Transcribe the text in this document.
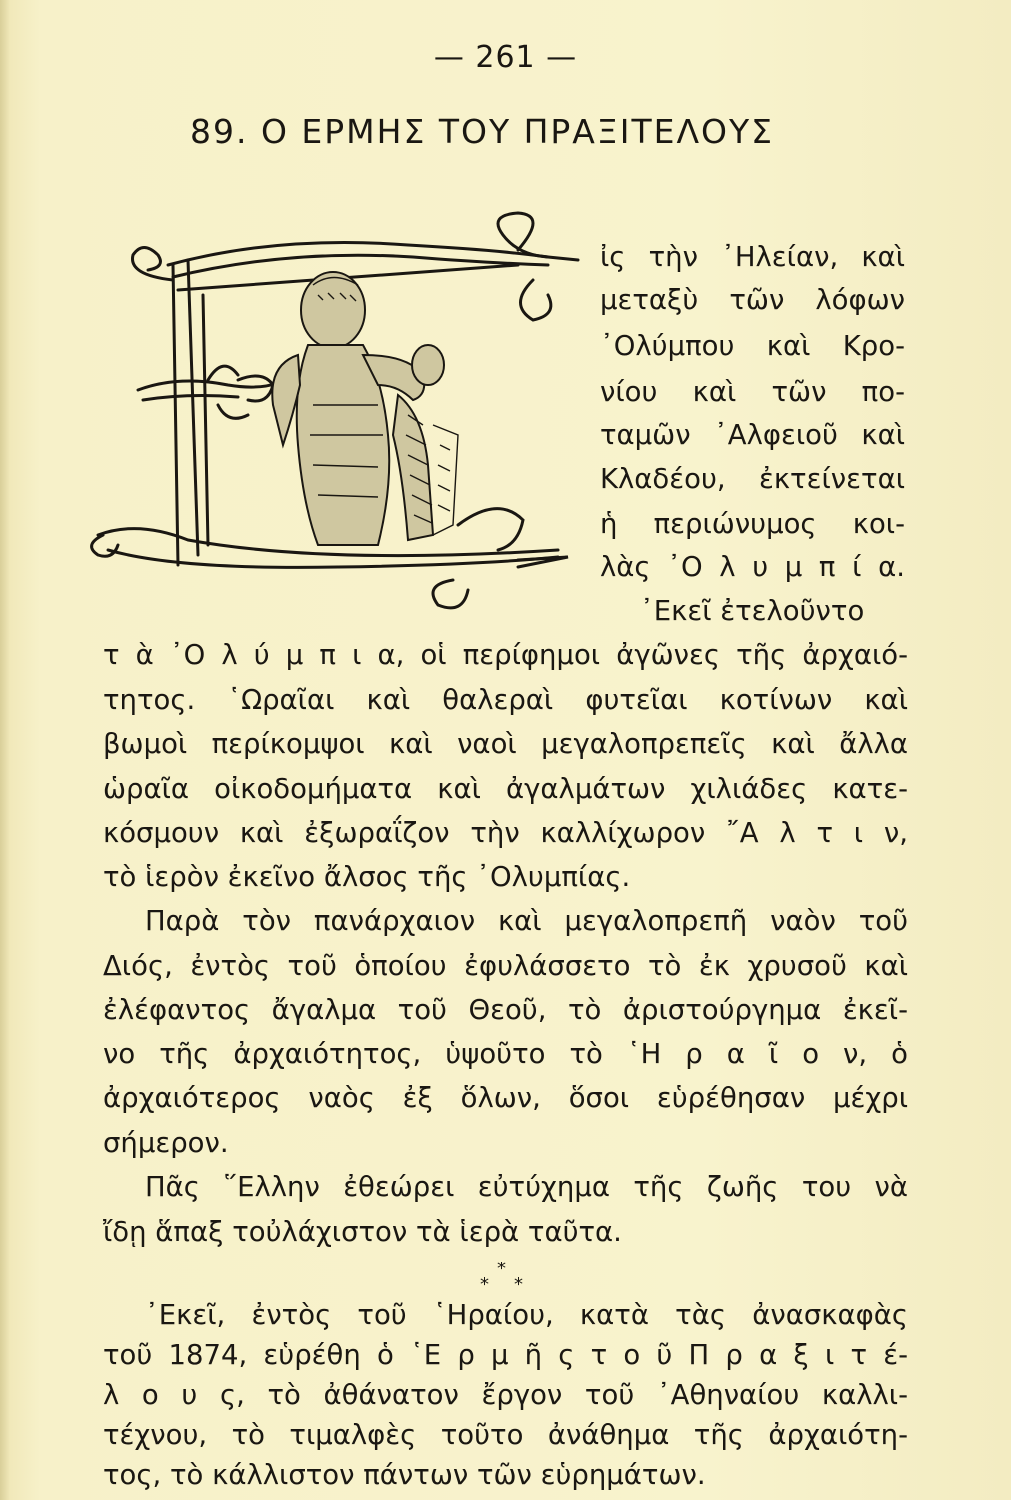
— 261 —
89. Ο ΕΡΜΗΣ ΤΟΥ ΠΡΑΞΙΤΕΛΟΥΣ
ἰς τὴν ᾿Ηλείαν, καὶ
μεταξὺ τῶν λόφων
᾿Ολύμπου καὶ Κρο-
νίου καὶ τῶν πο-
ταμῶν ᾿Αλφειοῦ καὶ
Κλαδέου, ἐκτείνεται
ἡ περιώνυμος κοι-
λὰς ᾿Ο λ υ μ π ί α.
᾿Εκεῖ ἐτελοῦντο
τ ὰ ᾿Ο λ ύ μ π ι α, οἱ περίφημοι ἀγῶνες τῆς ἀρχαιό-
τητος. ῾Ωραῖαι καὶ θαλεραὶ φυτεῖαι κοτίνων καὶ
βωμοὶ περίκομψοι καὶ ναοὶ μεγαλοπρεπεῖς καὶ ἄλλα
ὡραῖα οἰκοδομήματα καὶ ἀγαλμάτων χιλιάδες κατε-
κόσμουν καὶ ἐξωραΐζον τὴν καλλίχωρον ῎Α λ τ ι ν,
τὸ ἱερὸν ἐκεῖνο ἄλσος τῆς ᾿Ολυμπίας.
Παρὰ τὸν πανάρχαιον καὶ μεγαλοπρεπῆ ναὸν τοῦ
Διός, ἐντὸς τοῦ ὁποίου ἐφυλάσσετο τὸ ἐκ χρυσοῦ καὶ
ἐλέφαντος ἄγαλμα τοῦ Θεοῦ, τὸ ἀριστούργημα ἐκεῖ-
νο τῆς ἀρχαιότητος, ὑψοῦτο τὸ ῾Η ρ α ῖ ο ν, ὁ
ἀρχαιότερος ναὸς ἐξ ὅλων, ὅσοι εὑρέθησαν μέχρι
σήμερον.
Πᾶς ῞Ελλην ἐθεώρει εὐτύχημα τῆς ζωῆς του νὰ
ἴδῃ ἅπαξ τοὐλάχιστον τὰ ἱερὰ ταῦτα.
*
* *
᾿Εκεῖ, ἐντὸς τοῦ ῾Ηραίου, κατὰ τὰς ἀνασκαφὰς
τοῦ 1874, εὑρέθη ὁ ῾Ε ρ μ ῆ ς τ ο ῦ Π ρ α ξ ι τ έ-
λ ο υ ς, τὸ ἀθάνατον ἔργον τοῦ ᾿Αθηναίου καλλι-
τέχνου, τὸ τιμαλφὲς τοῦτο ἀνάθημα τῆς ἀρχαιότη-
τος, τὸ κάλλιστον πάντων τῶν εὑρημάτων.
